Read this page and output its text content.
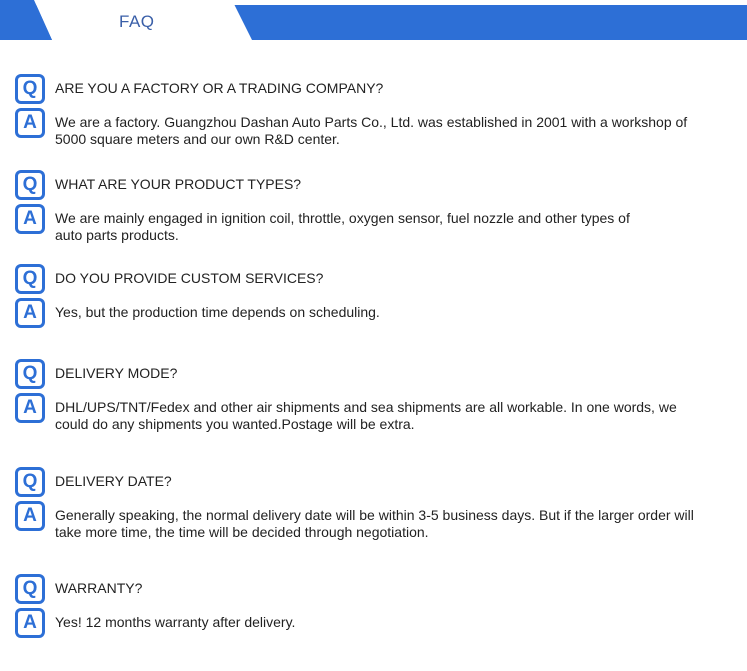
FAQ
Q	ARE YOU A FACTORY OR A TRADING COMPANY?
A	We are a factory. Guangzhou Dashan Auto Parts Co., Ltd. was established in 2001 with a workshop of
5000 square meters and our own R&D center.
Q	WHAT ARE YOUR PRODUCT TYPES?
A	We are mainly engaged in ignition coil, throttle, oxygen sensor, fuel nozzle and other types of
auto parts products.
Q	DO YOU PROVIDE CUSTOM SERVICES?
A	Yes, but the production time depends on scheduling.
Q	DELIVERY MODE?
A	DHL/UPS/TNT/Fedex and other air shipments and sea shipments are all workable. In one words, we
could do any shipments you wanted.Postage will be extra.
Q	DELIVERY DATE?
A	Generally speaking, the normal delivery date will be within 3-5 business days. But if the larger order will
take more time, the time will be decided through negotiation.
Q	WARRANTY?
A	Yes! 12 months warranty after delivery.
